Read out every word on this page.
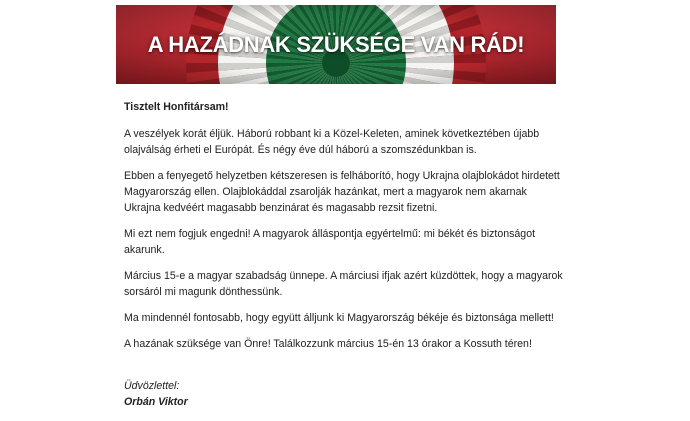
A HAZÁDNAK SZÜKSÉGE VAN RÁD!

Tisztelt Honfitársam!

A veszélyek korát éljük. Háború robbant ki a Közel-Keleten, aminek következtében újabb olajválság érheti el Európát. És négy éve dúl háború a szomszédunkban is.

Ebben a fenyegető helyzetben kétszeresen is felháborító, hogy Ukrajna olajblokádot hirdetett Magyarország ellen. Olajblokáddal zsarolják hazánkat, mert a magyarok nem akarnak Ukrajna kedvéért magasabb benzinárat és magasabb rezsit fizetni.

Mi ezt nem fogjuk engedni! A magyarok álláspontja egyértelmű: mi békét és biztonságot akarunk.

Március 15-e a magyar szabadság ünnepe. A márciusi ifjak azért küzdöttek, hogy a magyarok sorsáról mi magunk dönthessünk.

Ma mindennél fontosabb, hogy együtt álljunk ki Magyarország békéje és biztonsága mellett!

A hazának szüksége van Önre! Találkozzunk március 15-én 13 órakor a Kossuth téren!

Üdvözlettel:
Orbán Viktor
